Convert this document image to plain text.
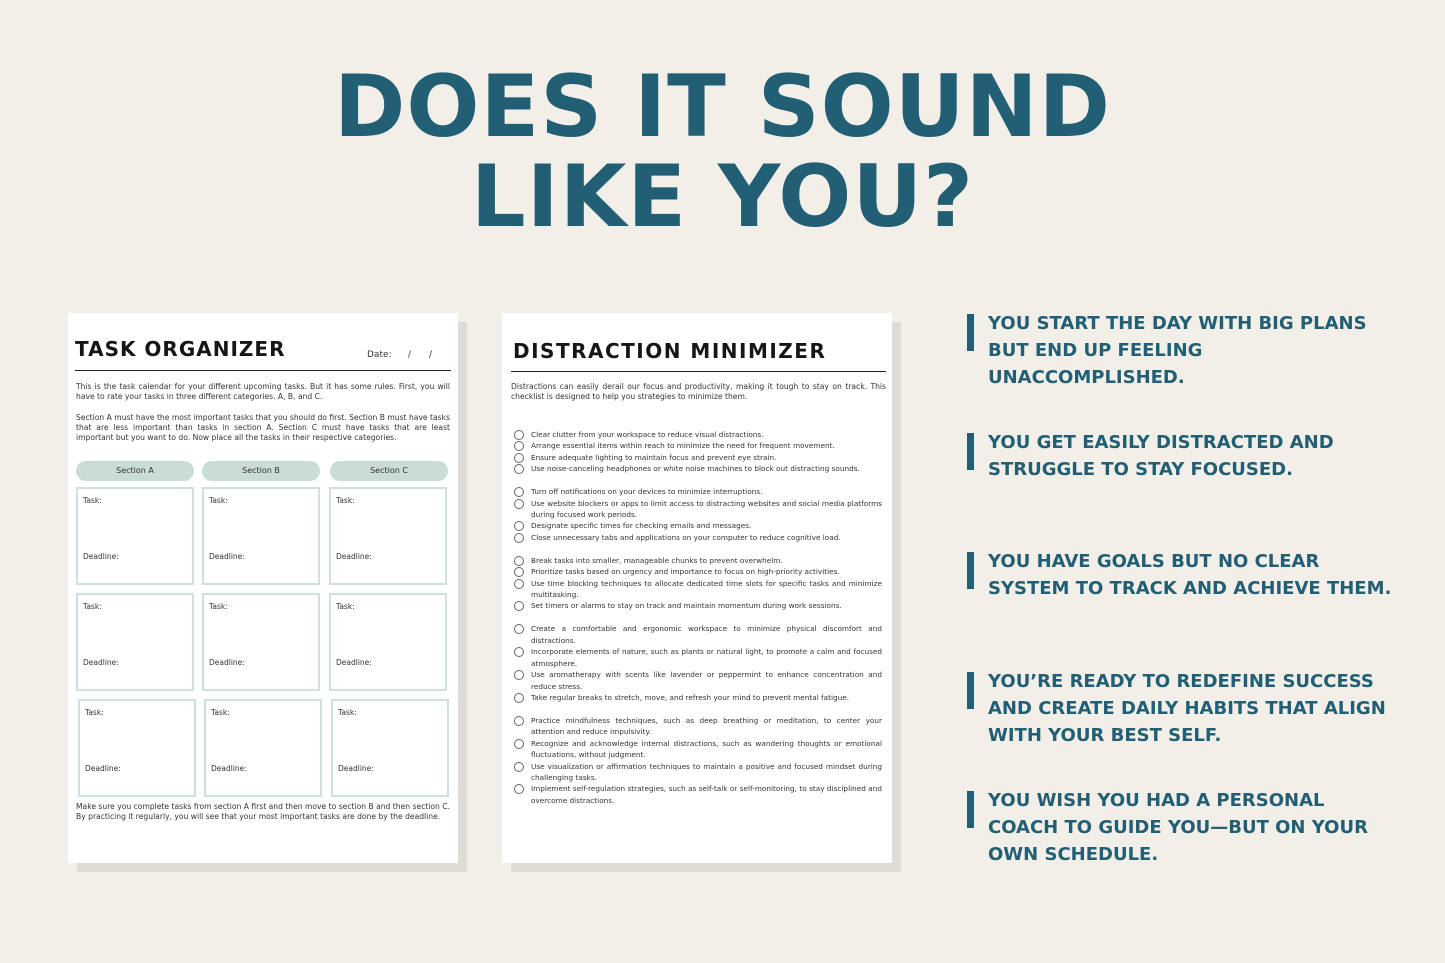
DOES IT SOUND
LIKE YOU?
TASK ORGANIZER	Date: / /
This is the task calendar for your different upcoming tasks. But it has some rules. First, you will have to rate your tasks in three different categories. A, B, and C.
Section A must have the most important tasks that you should do first. Section B must have tasks that are less important than tasks in section A. Section C must have tasks that are least important but you want to do. Now place all the tasks in their respective categories.
Section A	Section B	Section C
Task:
Deadline:
Task:
Deadline:
Task:
Deadline:
Task:
Deadline:
Task:
Deadline:
Task:
Deadline:
Task:
Deadline:
Task:
Deadline:
Task:
Deadline:
Make sure you complete tasks from section A first and then move to section B and then section C. By practicing it regularly, you will see that your most important tasks are done by the deadline.
DISTRACTION MINIMIZER
Distractions can easily derail our focus and productivity, making it tough to stay on track. This checklist is designed to help you strategies to minimize them.
Clear clutter from your workspace to reduce visual distractions.
Arrange essential items within reach to minimize the need for frequent movement.
Ensure adequate lighting to maintain focus and prevent eye strain.
Use noise-canceling headphones or white noise machines to block out distracting sounds.
Turn off notifications on your devices to minimize interruptions.
Use website blockers or apps to limit access to distracting websites and social media platforms during focused work periods.
Designate specific times for checking emails and messages.
Close unnecessary tabs and applications on your computer to reduce cognitive load.
Break tasks into smaller, manageable chunks to prevent overwhelm.
Prioritize tasks based on urgency and importance to focus on high-priority activities.
Use time blocking techniques to allocate dedicated time slots for specific tasks and minimize multitasking.
Set timers or alarms to stay on track and maintain momentum during work sessions.
Create a comfortable and ergonomic workspace to minimize physical discomfort and distractions.
Incorporate elements of nature, such as plants or natural light, to promote a calm and focused atmosphere.
Use aromatherapy with scents like lavender or peppermint to enhance concentration and reduce stress.
Take regular breaks to stretch, move, and refresh your mind to prevent mental fatigue.
Practice mindfulness techniques, such as deep breathing or meditation, to center your attention and reduce impulsivity.
Recognize and acknowledge internal distractions, such as wandering thoughts or emotional fluctuations, without judgment.
Use visualization or affirmation techniques to maintain a positive and focused mindset during challenging tasks.
Implement self-regulation strategies, such as self-talk or self-monitoring, to stay disciplined and overcome distractions.
YOU START THE DAY WITH BIG PLANS BUT END UP FEELING UNACCOMPLISHED.
YOU GET EASILY DISTRACTED AND STRUGGLE TO STAY FOCUSED.
YOU HAVE GOALS BUT NO CLEAR SYSTEM TO TRACK AND ACHIEVE THEM.
YOU’RE READY TO REDEFINE SUCCESS AND CREATE DAILY HABITS THAT ALIGN WITH YOUR BEST SELF.
YOU WISH YOU HAD A PERSONAL COACH TO GUIDE YOU—BUT ON YOUR OWN SCHEDULE.
